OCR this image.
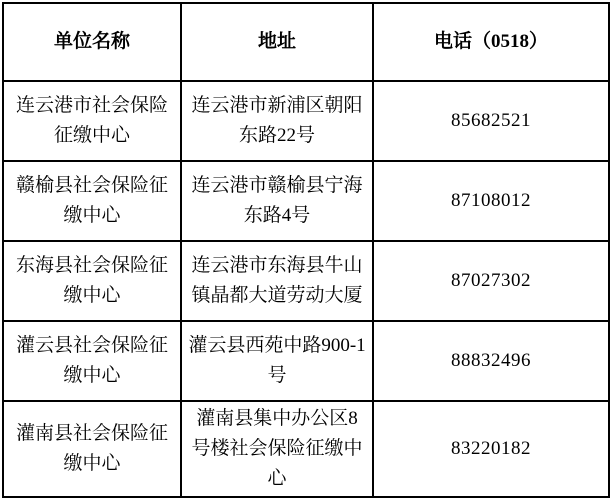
单位名称	地址	电话（0518）
连云港市社会保险征缴中心	连云港市新浦区朝阳东路22号	85682521
赣榆县社会保险征缴中心	连云港市赣榆县宁海东路4号	87108012
东海县社会保险征缴中心	连云港市东海县牛山镇晶都大道劳动大厦	87027302
灌云县社会保险征缴中心	灌云县西苑中路900-1号	88832496
灌南县社会保险征缴中心	灌南县集中办公区8号楼社会保险征缴中心	83220182
